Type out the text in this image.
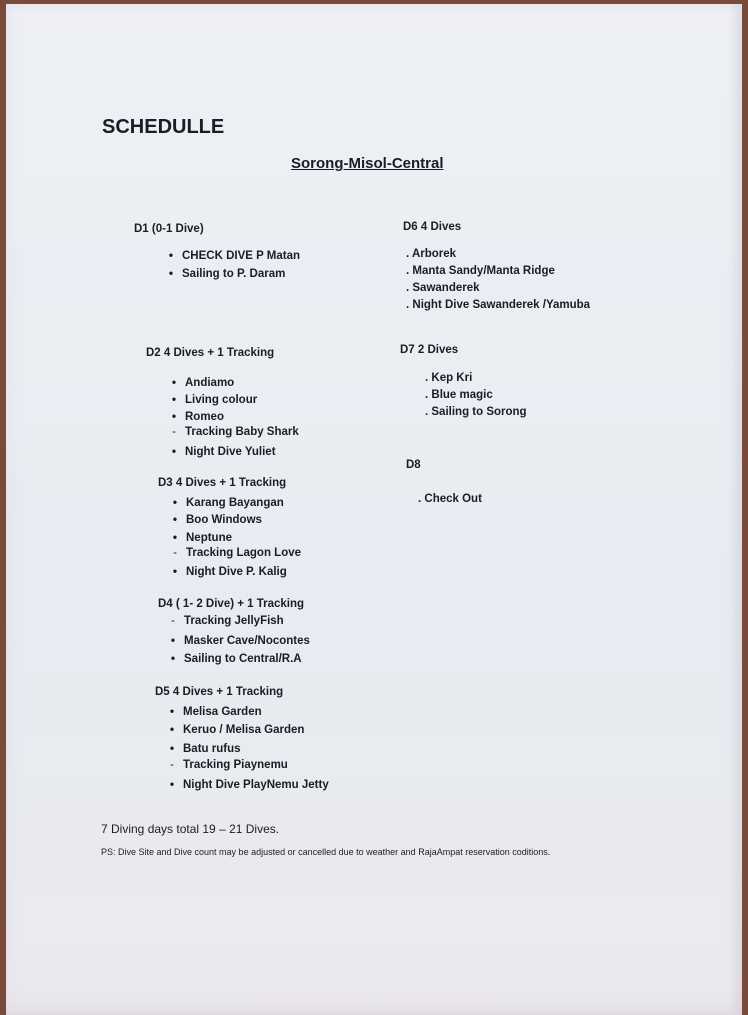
SCHEDULLE
Sorong-Misol-Central
D1 (0-1 Dive)
•CHECK DIVE P Matan
•Sailing to P. Daram
D2 4 Dives + 1 Tracking
•Andiamo
•Living colour
•Romeo
-Tracking Baby Shark
•Night Dive Yuliet
D3 4 Dives + 1 Tracking
•Karang Bayangan
•Boo Windows
•Neptune
-Tracking Lagon Love
•Night Dive P. Kalig
D4 ( 1- 2 Dive) + 1 Tracking
-Tracking JellyFish
•Masker Cave/Nocontes
•Sailing to Central/R.A
D5 4 Dives + 1 Tracking
•Melisa Garden
•Keruo / Melisa Garden
•Batu rufus
-Tracking Piaynemu
•Night Dive PlayNemu Jetty
D6 4 Dives
. Arborek
. Manta Sandy/Manta Ridge
. Sawanderek
. Night Dive Sawanderek /Yamuba
D7 2 Dives
. Kep Kri
. Blue magic
. Sailing to Sorong
D8
. Check Out
7 Diving days total 19 – 21 Dives.
PS: Dive Site and Dive count may be adjusted or cancelled due to weather and RajaAmpat reservation coditions.
